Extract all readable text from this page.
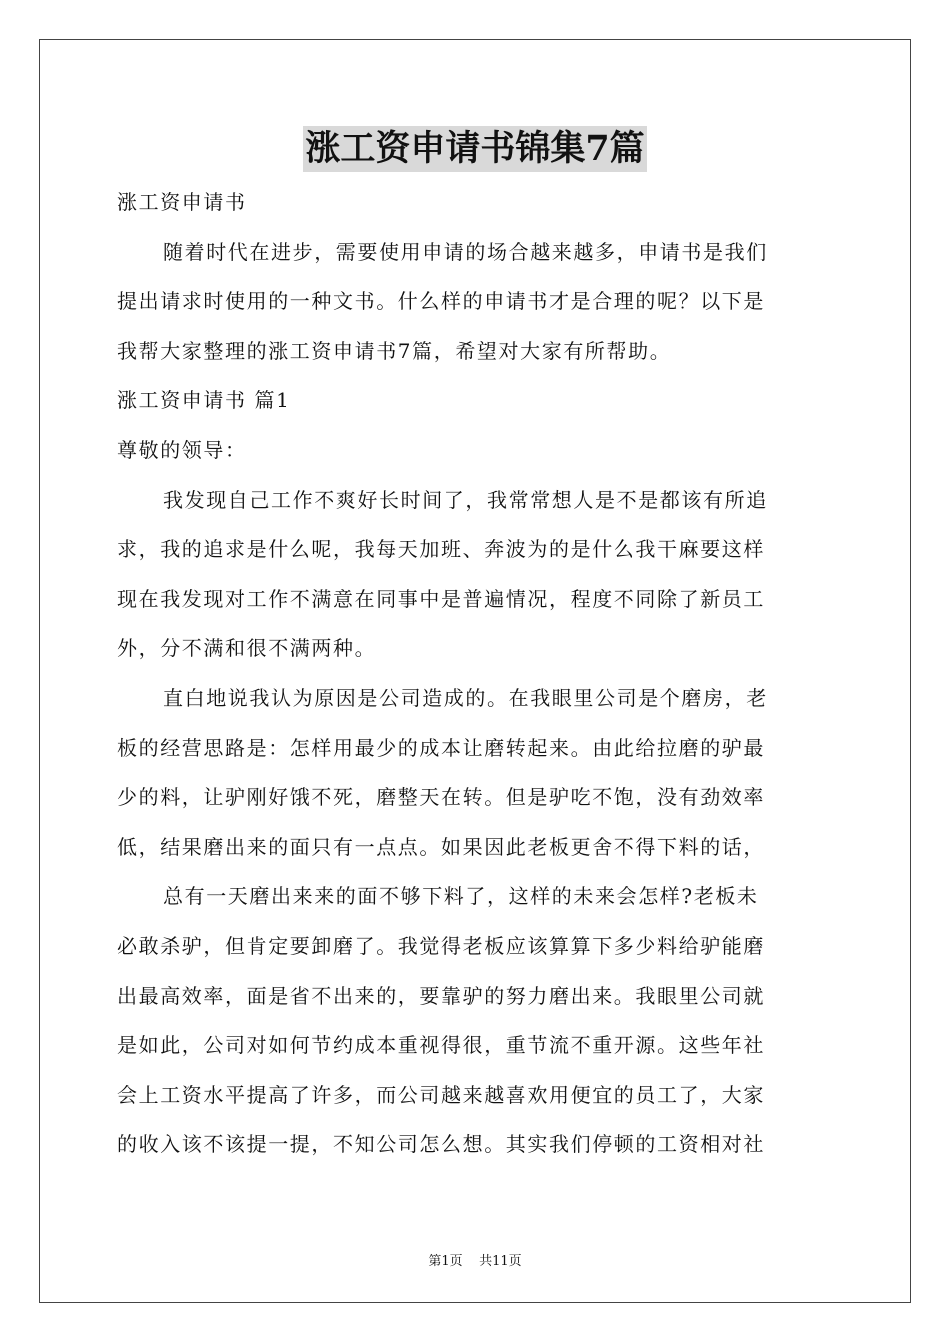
涨工资申请书锦集7篇
涨工资申请书
随着时代在进步，需要使用申请的场合越来越多，申请书是我们
提出请求时使用的一种文书。什么样的申请书才是合理的呢？以下是
我帮大家整理的涨工资申请书7篇，希望对大家有所帮助。
涨工资申请书 篇1
尊敬的领导：
我发现自己工作不爽好长时间了，我常常想人是不是都该有所追
求，我的追求是什么呢，我每天加班、奔波为的是什么我干麻要这样
现在我发现对工作不满意在同事中是普遍情况，程度不同除了新员工
外，分不满和很不满两种。
直白地说我认为原因是公司造成的。在我眼里公司是个磨房，老
板的经营思路是：怎样用最少的成本让磨转起来。由此给拉磨的驴最
少的料，让驴刚好饿不死，磨整天在转。但是驴吃不饱，没有劲效率
低，结果磨出来的面只有一点点。如果因此老板更舍不得下料的话，
总有一天磨出来来的面不够下料了，这样的未来会怎样?老板未
必敢杀驴，但肯定要卸磨了。我觉得老板应该算算下多少料给驴能磨
出最高效率，面是省不出来的，要靠驴的努力磨出来。我眼里公司就
是如此，公司对如何节约成本重视得很，重节流不重开源。这些年社
会上工资水平提高了许多，而公司越来越喜欢用便宜的员工了，大家
的收入该不该提一提，不知公司怎么想。其实我们停顿的工资相对社
第1页    共11页
